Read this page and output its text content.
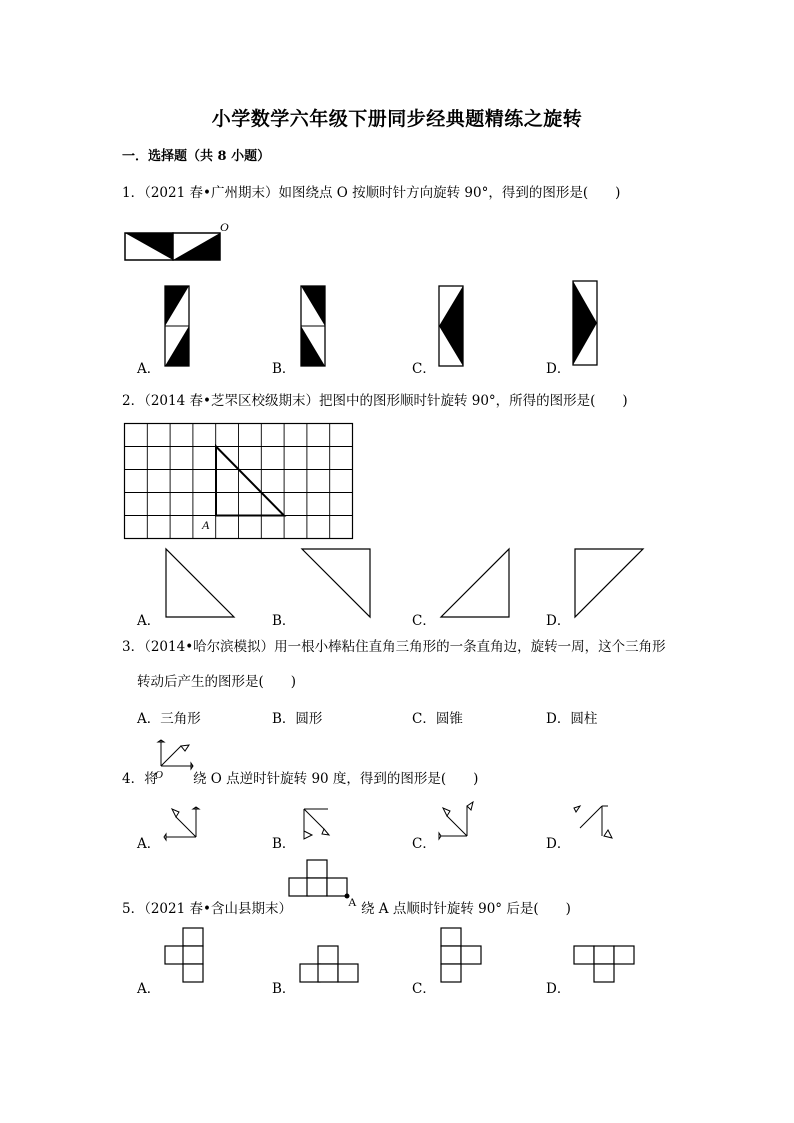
小学数学六年级下册同步经典题精练之旋转
一．选择题（共 8 小题）
1．（2021 春•广州期末）如图绕点 O 按顺时针方向旋转 90°，得到的图形是(　　)
O
A．	B．	C．	D．
2．（2014 春•芝罘区校级期末）把图中的图形顺时针旋转 90°，所得的图形是(　　)
A
A．	B．	C．	D．
3．（2014•哈尔滨模拟）用一根小棒粘住直角三角形的一条直角边，旋转一周，这个三角形
转动后产生的图形是(　　)
A．三角形	B．圆形	C．圆锥	D．圆柱
4．将
O 绕 O 点逆时针旋转 90 度，得到的图形是(　　)
A．	B．	C．	D．
5．（2021 春•含山县期末）	A 绕 A 点顺时针旋转 90° 后是(　　)
A．	B．	C．	D．
